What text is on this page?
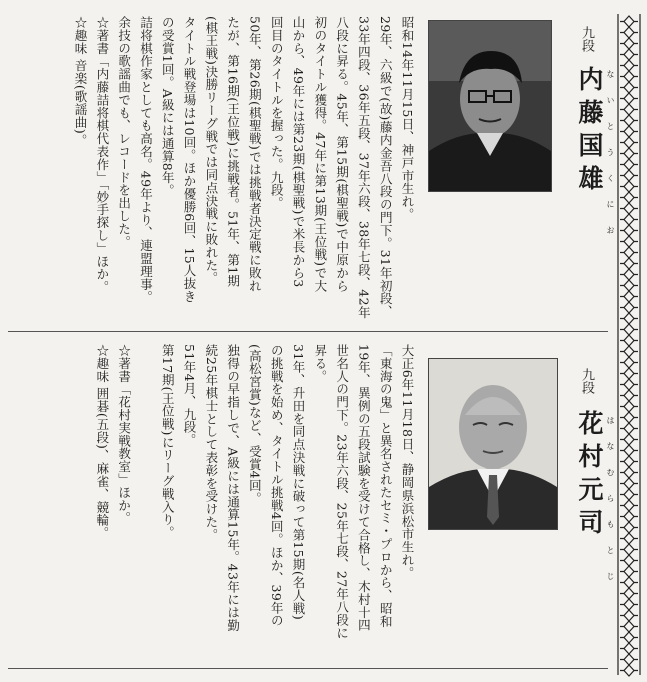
九段
ないとうくにお
内藤国雄

昭和14年11月15日、神戸市生れ。

29年、六級で(故)藤内金吾八段の門下。31年初段、

33年四段、36年五段、37年六段、38年七段、42年

八段に昇る。45年、第15期(棋聖戦)で中原から

初のタイトル獲得。47年に第13期(王位戦)で大

山から、49年には第23期(棋聖戦)で米長から3

回目のタイトルを握った。九段。

50年、第26期(棋聖戦)では挑戦者決定戦に敗れ

たが、第16期(王位戦)に挑戦者。51年、第1期

(棋王戦)決勝リーグ戦では同点決戦に敗れた。

タイトル戦登場は10回。ほか優勝6回、15人抜き

の受賞1回。A級には通算8年。

詰将棋作家としても高名。49年より、連盟理事。

余技の歌謡曲でも、レコードを出した。

☆著書「内藤詰将棋代表作」「妙手探し」ほか。

☆趣味 音楽(歌謡曲)。

九段
はなむらもとじ
花村元司

大正6年11月18日、静岡県浜松市生れ。

「東海の鬼」と異名されたセミ・プロから、昭和

19年、異例の五段試験を受けて合格し、木村十四

世名人の門下。23年六段、25年七段、27年八段に

昇る。

31年、升田を同点決戦に破って第15期(名人戦)

の挑戦を始め、タイトル挑戦4回。ほか、39年の

(高松宮賞)など、受賞4回。

独得の早指しで、A級には通算15年。43年には勤

続25年棋士として表彰を受けた。

51年4月、九段。

第17期(王位戦)にリーグ戦入り。

☆著書「花村実戦教室」ほか。

☆趣味 囲碁(五段)、麻雀、競輪。
